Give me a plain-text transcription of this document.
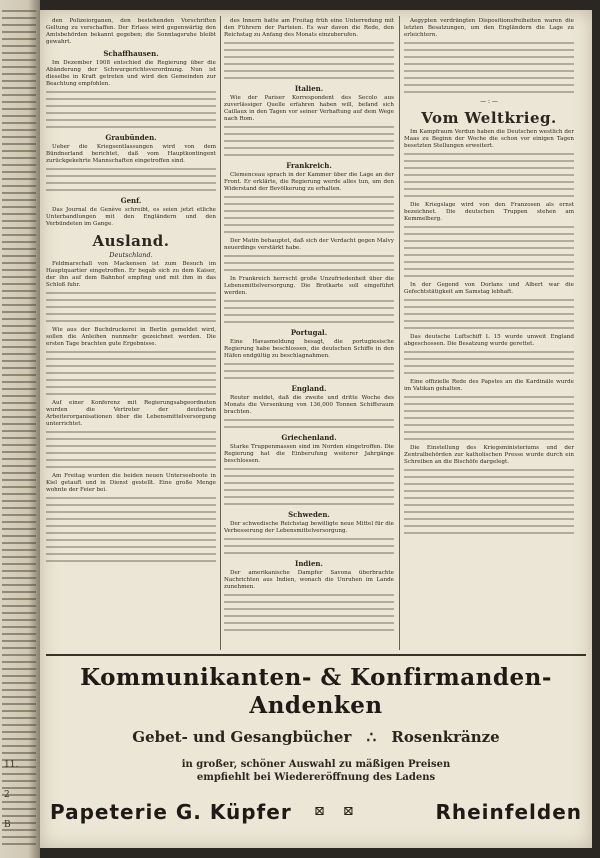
11.
2
B

den Polizeiorganen, den bestehenden Vorschriften Geltung zu verschaffen. Der Erlass wird gegenwärtig den Amtsbehörden bekannt gegeben; die Sonntagsruhe bleibt gewahrt.

Schaffhausen.

Im Dezember 1908 entschied die Regierung über die Abänderung der Schwurgerichtsverordnung. Nun ist dieselbe in Kraft getreten und wird den Gemeinden zur Beachtung empfohlen.

Graubünden.

Ueber die Kriegsentlassungen wird von dem Bündnerland berichtet, daß vom Hauptkontingent zurückgekehrte Mannschaften eingetroffen sind.

Genf.

Das Journal de Genève schreibt, es seien jetzt etliche Unterhandlungen mit den Engländern und den Verbündeten im Gange.

Ausland.
Deutschland.

Feldmarschall von Mackensen ist zum Besuch im Hauptquartier eingetroffen. Er begab sich zu dem Kaiser, der ihn auf dem Bahnhof empfing und mit ihm in das Schloß fuhr.

Wie aus der Buchdruckerei in Berlin gemeldet wird, sollen die Anleihen nunmehr gezeichnet werden. Die ersten Tage brachten gute Ergebnisse.

Auf einer Konferenz mit Regierungsabgeordneten wurden die Vertreter der deutschen Arbeiterorganisationen über die Lebensmittelversorgung unterrichtet.

Am Freitag wurden die beiden neuen Unterseeboote in Kiel getauft und in Dienst gestellt. Eine große Menge wohnte der Feier bei.

des Innern hatte am Freitag früh eine Unterredung mit den Führern der Parteien. Es war davon die Rede, den Reichstag zu Anfang des Monats einzuberufen.

Italien.

Wie der Pariser Korrespondent des Secolo aus zuverlässiger Quelle erfahren haben will, befand sich Caillaux in den Tagen vor seiner Verhaftung auf dem Wege nach Rom.

Frankreich.

Clemenceau sprach in der Kammer über die Lage an der Front. Er erklärte, die Regierung werde alles tun, um den Widerstand der Bevölkerung zu erhalten.

Der Matin behauptet, daß sich der Verdacht gegen Malvy neuerdings verstärkt habe.

In Frankreich herrscht große Unzufriedenheit über die Lebensmittelversorgung. Die Brotkarte soll eingeführt werden.

Portugal.

Eine Havasmeldung besagt, die portugiesische Regierung habe beschlossen, die deutschen Schiffe in den Häfen endgültig zu beschlagnahmen.

England.

Reuter meldet, daß die zweite und dritte Woche des Monats die Versenkung von 136,000 Tonnen Schiffsraum brachten.

Griechenland.

Starke Truppenmassen sind im Norden eingetroffen. Die Regierung hat die Einberufung weiterer Jahrgänge beschlossen.

Schweden.

Der schwedische Reichstag bewilligte neue Mittel für die Verbesserung der Lebensmittelversorgung.

Indien.

Der amerikanische Dampfer Savona überbrachte Nachrichten aus Indien, wonach die Unruhen im Lande zunehmen.

Aegypten verdrängten Dispositionsfreiheiten waren die letzten Besatzungen, um den Engländern die Lage zu erleichtern.

— : —
Vom Weltkrieg.

Im Kampfraum Verdun haben die Deutschen westlich der Maas zu Beginn der Woche die schon vor einigen Tagen besetzten Stellungen erweitert.

Die Kriegslage wird von den Franzosen als ernst bezeichnet. Die deutschen Truppen stehen am Kemmelberg.

In der Gegend von Dorlans und Albert war die Gefechtstätigkeit am Samstag lebhaft.

Das deutsche Luftschiff L 15 wurde unweit England abgeschossen. Die Besatzung wurde gerettet.

Eine offizielle Rede des Papstes an die Kardinäle wurde im Vatikan gehalten.

Die Einstellung des Kriegsministeriums und der Zentralbehörden zur katholischen Presse wurde durch ein Schreiben an die Bischöfe dargelegt.

Kommunikanten- & Konfirmanden-Andenken
Gebet- und Gesangbücher ∴ Rosenkränze
in großer, schöner Auswahl zu mäßigen Preisen
empfiehlt bei Wiedereröffnung des Ladens
Papeterie G. Küpfer ⊠⊠	Rheinfelden
